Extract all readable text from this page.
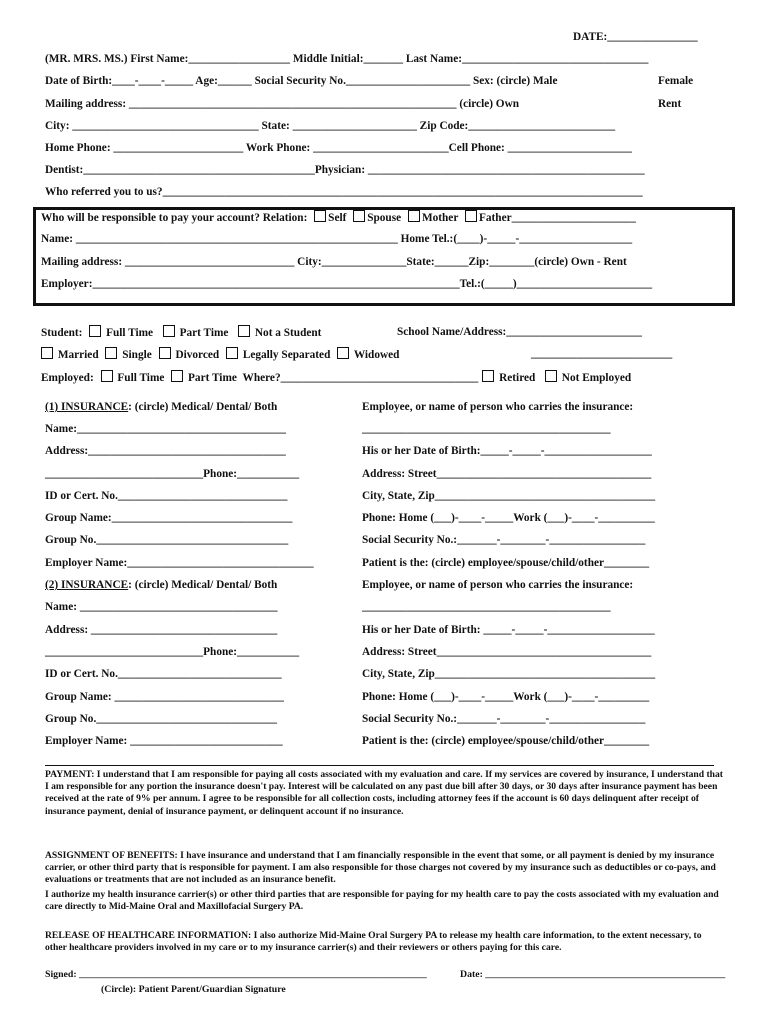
DATE:________________
(MR. MRS. MS.) First Name:__________________ Middle Initial:_______ Last Name:_________________________________
Date of Birth:____-____-_____ Age:______ Social Security No.______________________ Sex: (circle) Male	Female
Mailing address: __________________________________________________________ (circle) Own	Rent
City: _________________________________ State: ______________________ Zip Code:__________________________
Home Phone: _______________________ Work Phone: ________________________Cell Phone: ______________________
Dentist:_________________________________________Physician: _________________________________________________
Who referred you to us?_____________________________________________________________________________________
Who will be responsible to pay your account? Relation: Self Spouse Mother Father______________________
Name: _________________________________________________________ Home Tel.:(____)-_____-____________________
Mailing address: ______________________________ City:_______________State:______Zip:________(circle) Own - Rent
Employer:_________________________________________________________________Tel.:(_____)________________________
Student: Full Time Part Time Not a Student	School Name/Address:________________________
Married Single Divorced Legally Separated Widowed	_________________________
Employed: Full Time Part Time Where?___________________________________ Retired Not Employed
(1) INSURANCE: (circle) Medical/ Dental/ Both
Name:_____________________________________
Address:___________________________________
____________________________Phone:___________
ID or Cert. No.______________________________
Group Name:________________________________
Group No.__________________________________
Employer Name:_________________________________
Employee, or name of person who carries the insurance:
____________________________________________
His or her Date of Birth:_____-_____-___________________
Address: Street______________________________________
City, State, Zip_______________________________________
Phone: Home (___)-____-_____Work (___)-____-__________
Social Security No.:_______-________-_________________
Patient is the: (circle) employee/spouse/child/other________
(2) INSURANCE: (circle) Medical/ Dental/ Both
Name: ___________________________________
Address: _________________________________
____________________________Phone:___________
ID or Cert. No._____________________________
Group Name: ______________________________
Group No.________________________________
Employer Name: ___________________________
Employee, or name of person who carries the insurance:
____________________________________________
His or her Date of Birth: _____-_____-___________________
Address: Street______________________________________
City, State, Zip_______________________________________
Phone: Home (___)-____-_____Work (___)-____-_________
Social Security No.:_______-________-_________________
Patient is the: (circle) employee/spouse/child/other________
PAYMENT: I understand that I am responsible for paying all costs associated with my evaluation and care. If my services are covered by insurance, I understand that I am responsible for any portion the insurance doesn't pay. Interest will be calculated on any past due bill after 30 days, or 30 days after insurance payment has been received at the rate of 9% per annum. I agree to be responsible for all collection costs, including attorney fees if the account is 60 days delinquent after receipt of insurance payment, denial of insurance payment, or delinquent account if no insurance.
ASSIGNMENT OF BENEFITS: I have insurance and understand that I am financially responsible in the event that some, or all payment is denied by my insurance carrier, or other third party that is responsible for payment. I am also responsible for those charges not covered by my insurance such as deductibles or co-pays, and evaluations or treatments that are not included as an insurance benefit.
I authorize my health insurance carrier(s) or other third parties that are responsible for paying for my health care to pay the costs associated with my evaluation and care directly to Mid-Maine Oral and Maxillofacial Surgery PA.
RELEASE OF HEALTHCARE INFORMATION: I also authorize Mid-Maine Oral Surgery PA to release my health care information, to the extent necessary, to other healthcare providers involved in my care or to my insurance carrier(s) and their reviewers or others paying for this care.
Signed: _______________________________________________________________________	Date: _________________________________________________
(Circle): Patient Parent/Guardian Signature
